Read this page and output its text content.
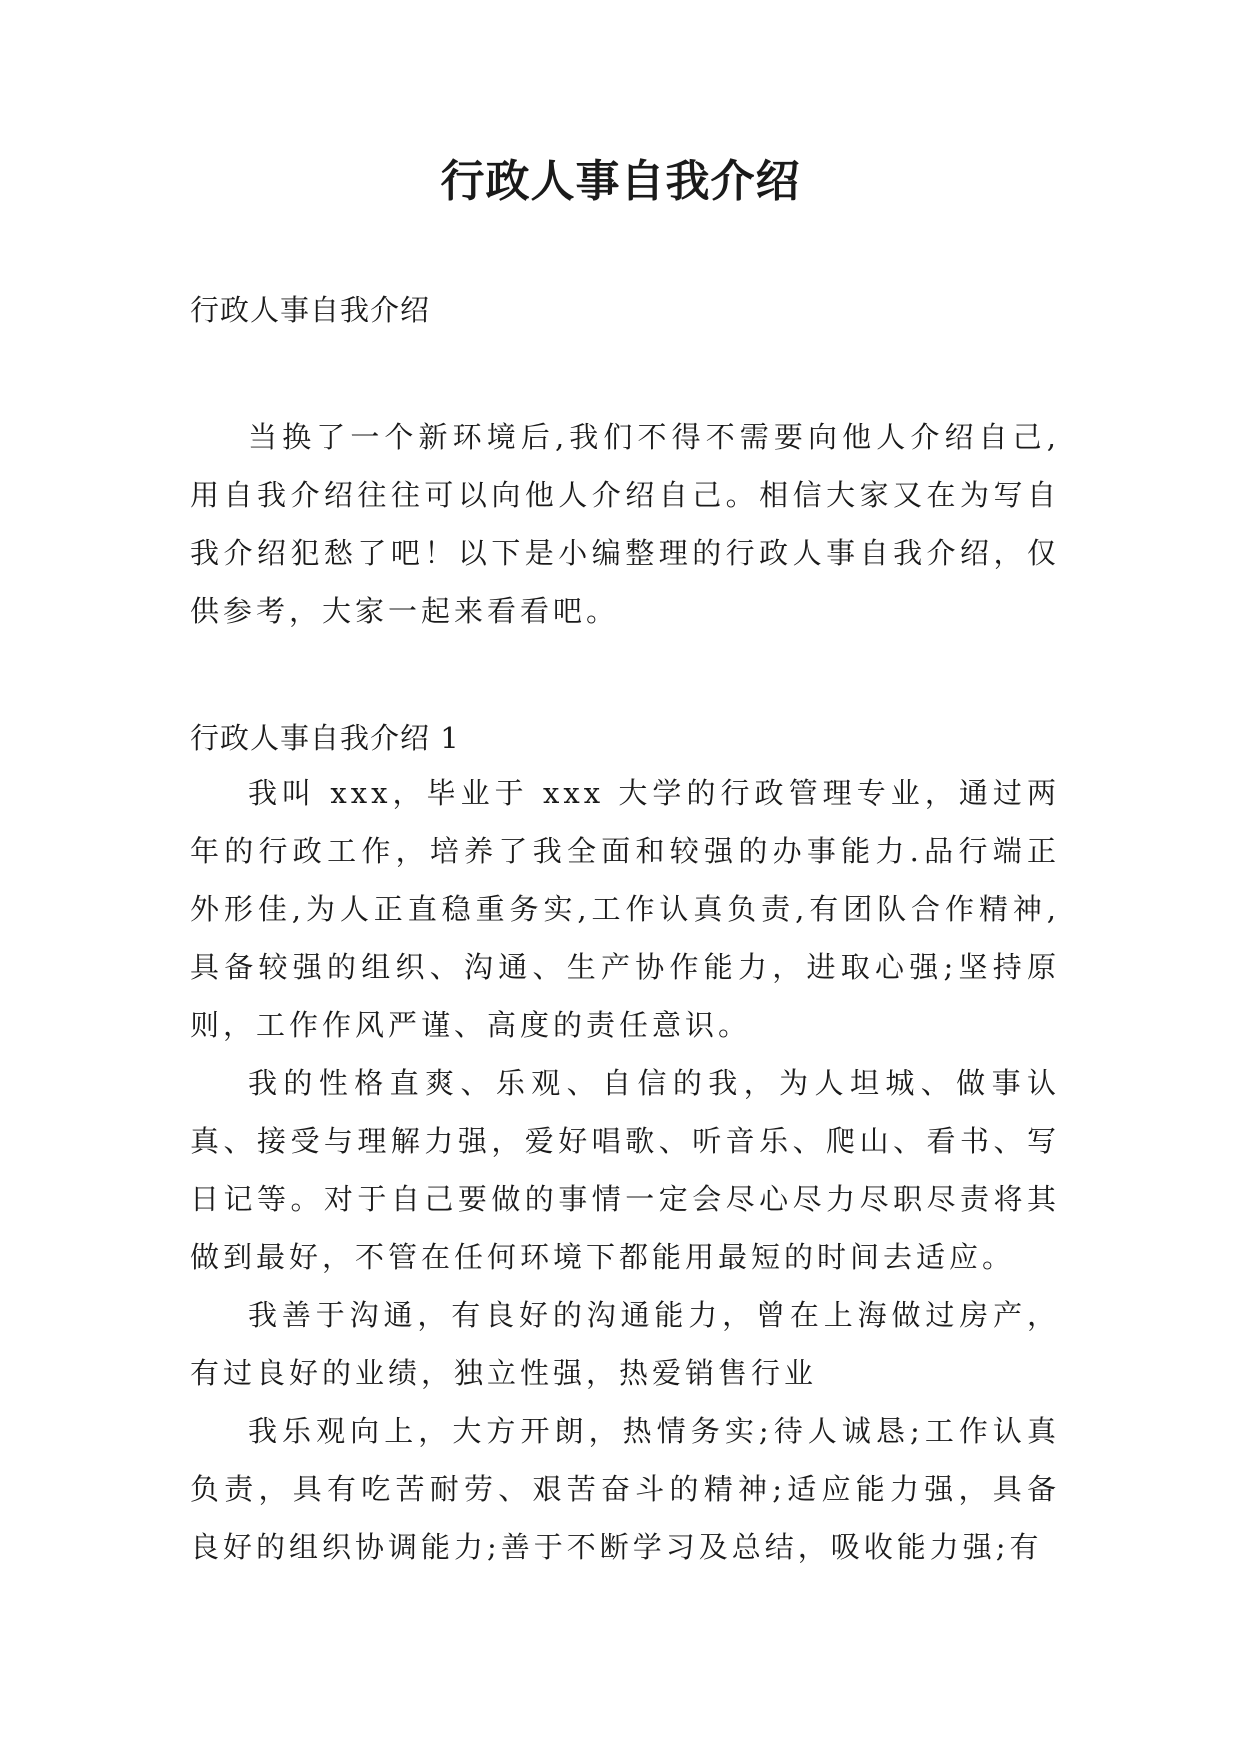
行政人事自我介绍

行政人事自我介绍

当换了一个新环境后,我们不得不需要向他人介绍自己,用自我介绍往往可以向他人介绍自己。相信大家又在为写自我介绍犯愁了吧！以下是小编整理的行政人事自我介绍，仅供参考，大家一起来看看吧。

行政人事自我介绍 1

我叫 xxx，毕业于 xxx 大学的行政管理专业，通过两年的行政工作，培养了我全面和较强的办事能力.品行端正外形佳,为人正直稳重务实,工作认真负责,有团队合作精神,具备较强的组织、沟通、生产协作能力，进取心强;坚持原则，工作作风严谨、高度的责任意识。

我的性格直爽、乐观、自信的我，为人坦城、做事认真、接受与理解力强，爱好唱歌、听音乐、爬山、看书、写日记等。对于自己要做的事情一定会尽心尽力尽职尽责将其做到最好，不管在任何环境下都能用最短的时间去适应。

我善于沟通，有良好的沟通能力，曾在上海做过房产，有过良好的业绩，独立性强，热爱销售行业

我乐观向上，大方开朗，热情务实;待人诚恳;工作认真负责，具有吃苦耐劳、艰苦奋斗的精神;适应能力强，具备良好的组织协调能力;善于不断学习及总结，吸收能力强;有
